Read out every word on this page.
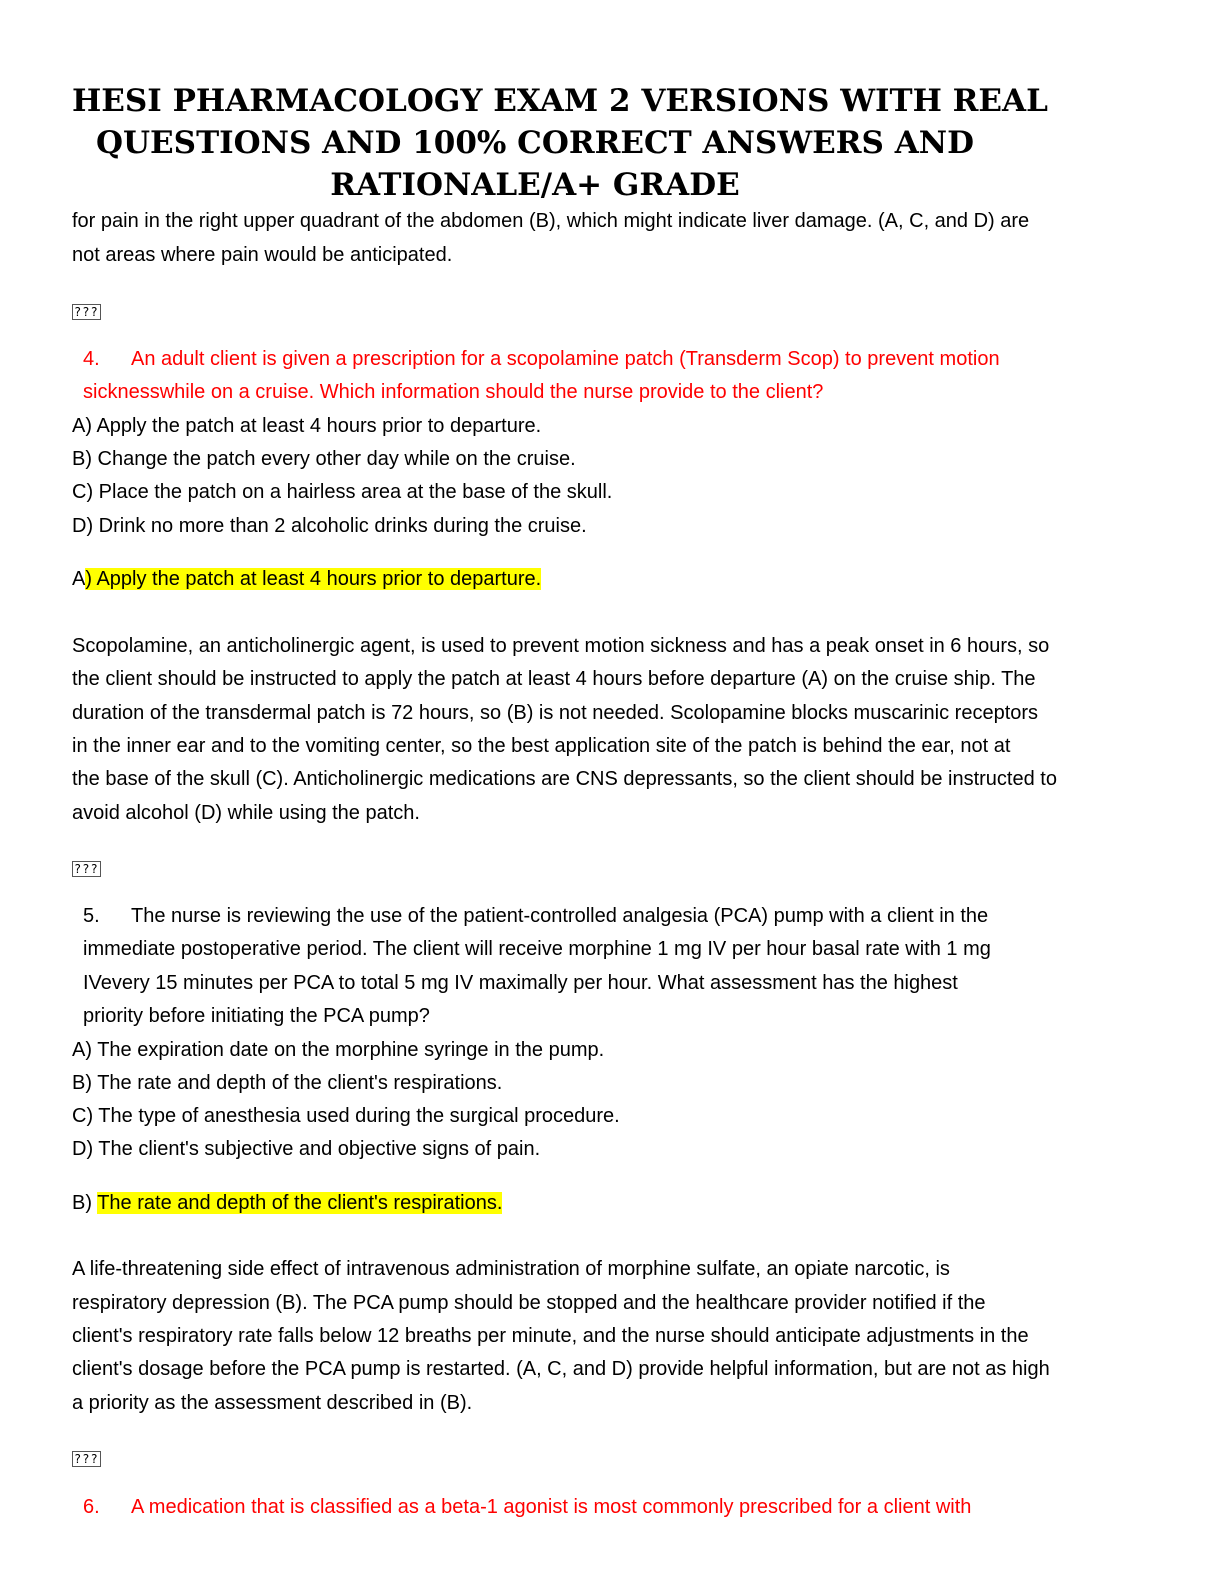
HESI PHARMACOLOGY EXAM 2 VERSIONS WITH REAL
QUESTIONS AND 100% CORRECT ANSWERS AND
RATIONALE/A+ GRADE
for pain in the right upper quadrant of the abdomen (B), which might indicate liver damage. (A, C, and D) are
not areas where pain would be anticipated.
???
4. An adult client is given a prescription for a scopolamine patch (Transderm Scop) to prevent motion
sicknesswhile on a cruise. Which information should the nurse provide to the client?
A) Apply the patch at least 4 hours prior to departure.
B) Change the patch every other day while on the cruise.
C) Place the patch on a hairless area at the base of the skull.
D) Drink no more than 2 alcoholic drinks during the cruise.
A) Apply the patch at least 4 hours prior to departure.
Scopolamine, an anticholinergic agent, is used to prevent motion sickness and has a peak onset in 6 hours, so
the client should be instructed to apply the patch at least 4 hours before departure (A) on the cruise ship. The
duration of the transdermal patch is 72 hours, so (B) is not needed. Scolopamine blocks muscarinic receptors
in the inner ear and to the vomiting center, so the best application site of the patch is behind the ear, not at
the base of the skull (C). Anticholinergic medications are CNS depressants, so the client should be instructed to
avoid alcohol (D) while using the patch.
???
5. The nurse is reviewing the use of the patient-controlled analgesia (PCA) pump with a client in the
immediate postoperative period. The client will receive morphine 1 mg IV per hour basal rate with 1 mg
IVevery 15 minutes per PCA to total 5 mg IV maximally per hour. What assessment has the highest
priority before initiating the PCA pump?
A) The expiration date on the morphine syringe in the pump.
B) The rate and depth of the client's respirations.
C) The type of anesthesia used during the surgical procedure.
D) The client's subjective and objective signs of pain.
B) The rate and depth of the client's respirations.
A life-threatening side effect of intravenous administration of morphine sulfate, an opiate narcotic, is
respiratory depression (B). The PCA pump should be stopped and the healthcare provider notified if the
client's respiratory rate falls below 12 breaths per minute, and the nurse should anticipate adjustments in the
client's dosage before the PCA pump is restarted. (A, C, and D) provide helpful information, but are not as high
a priority as the assessment described in (B).
???
6. A medication that is classified as a beta-1 agonist is most commonly prescribed for a client with
